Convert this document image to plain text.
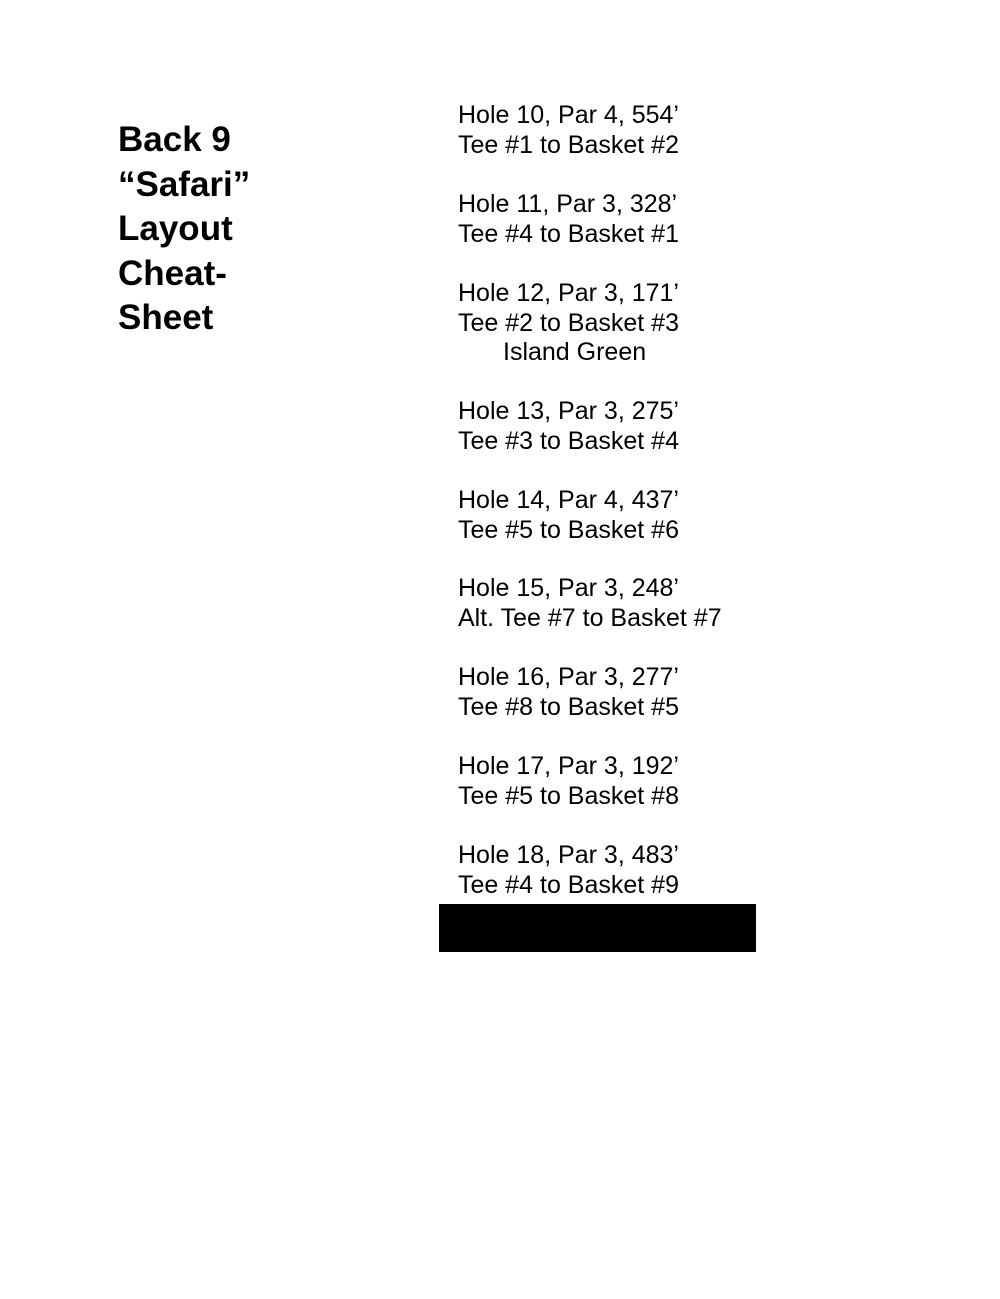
Back 9
“Safari”
Layout
Cheat-
Sheet
Hole 10, Par 4, 554’
Tee #1 to Basket #2
Hole 11, Par 3, 328’
Tee #4 to Basket #1
Hole 12, Par 3, 171’
Tee #2 to Basket #3
Island Green
Hole 13, Par 3, 275’
Tee #3 to Basket #4
Hole 14, Par 4, 437’
Tee #5 to Basket #6
Hole 15, Par 3, 248’
Alt. Tee #7 to Basket #7
Hole 16, Par 3, 277’
Tee #8 to Basket #5
Hole 17, Par 3, 192’
Tee #5 to Basket #8
Hole 18, Par 3, 483’
Tee #4 to Basket #9
